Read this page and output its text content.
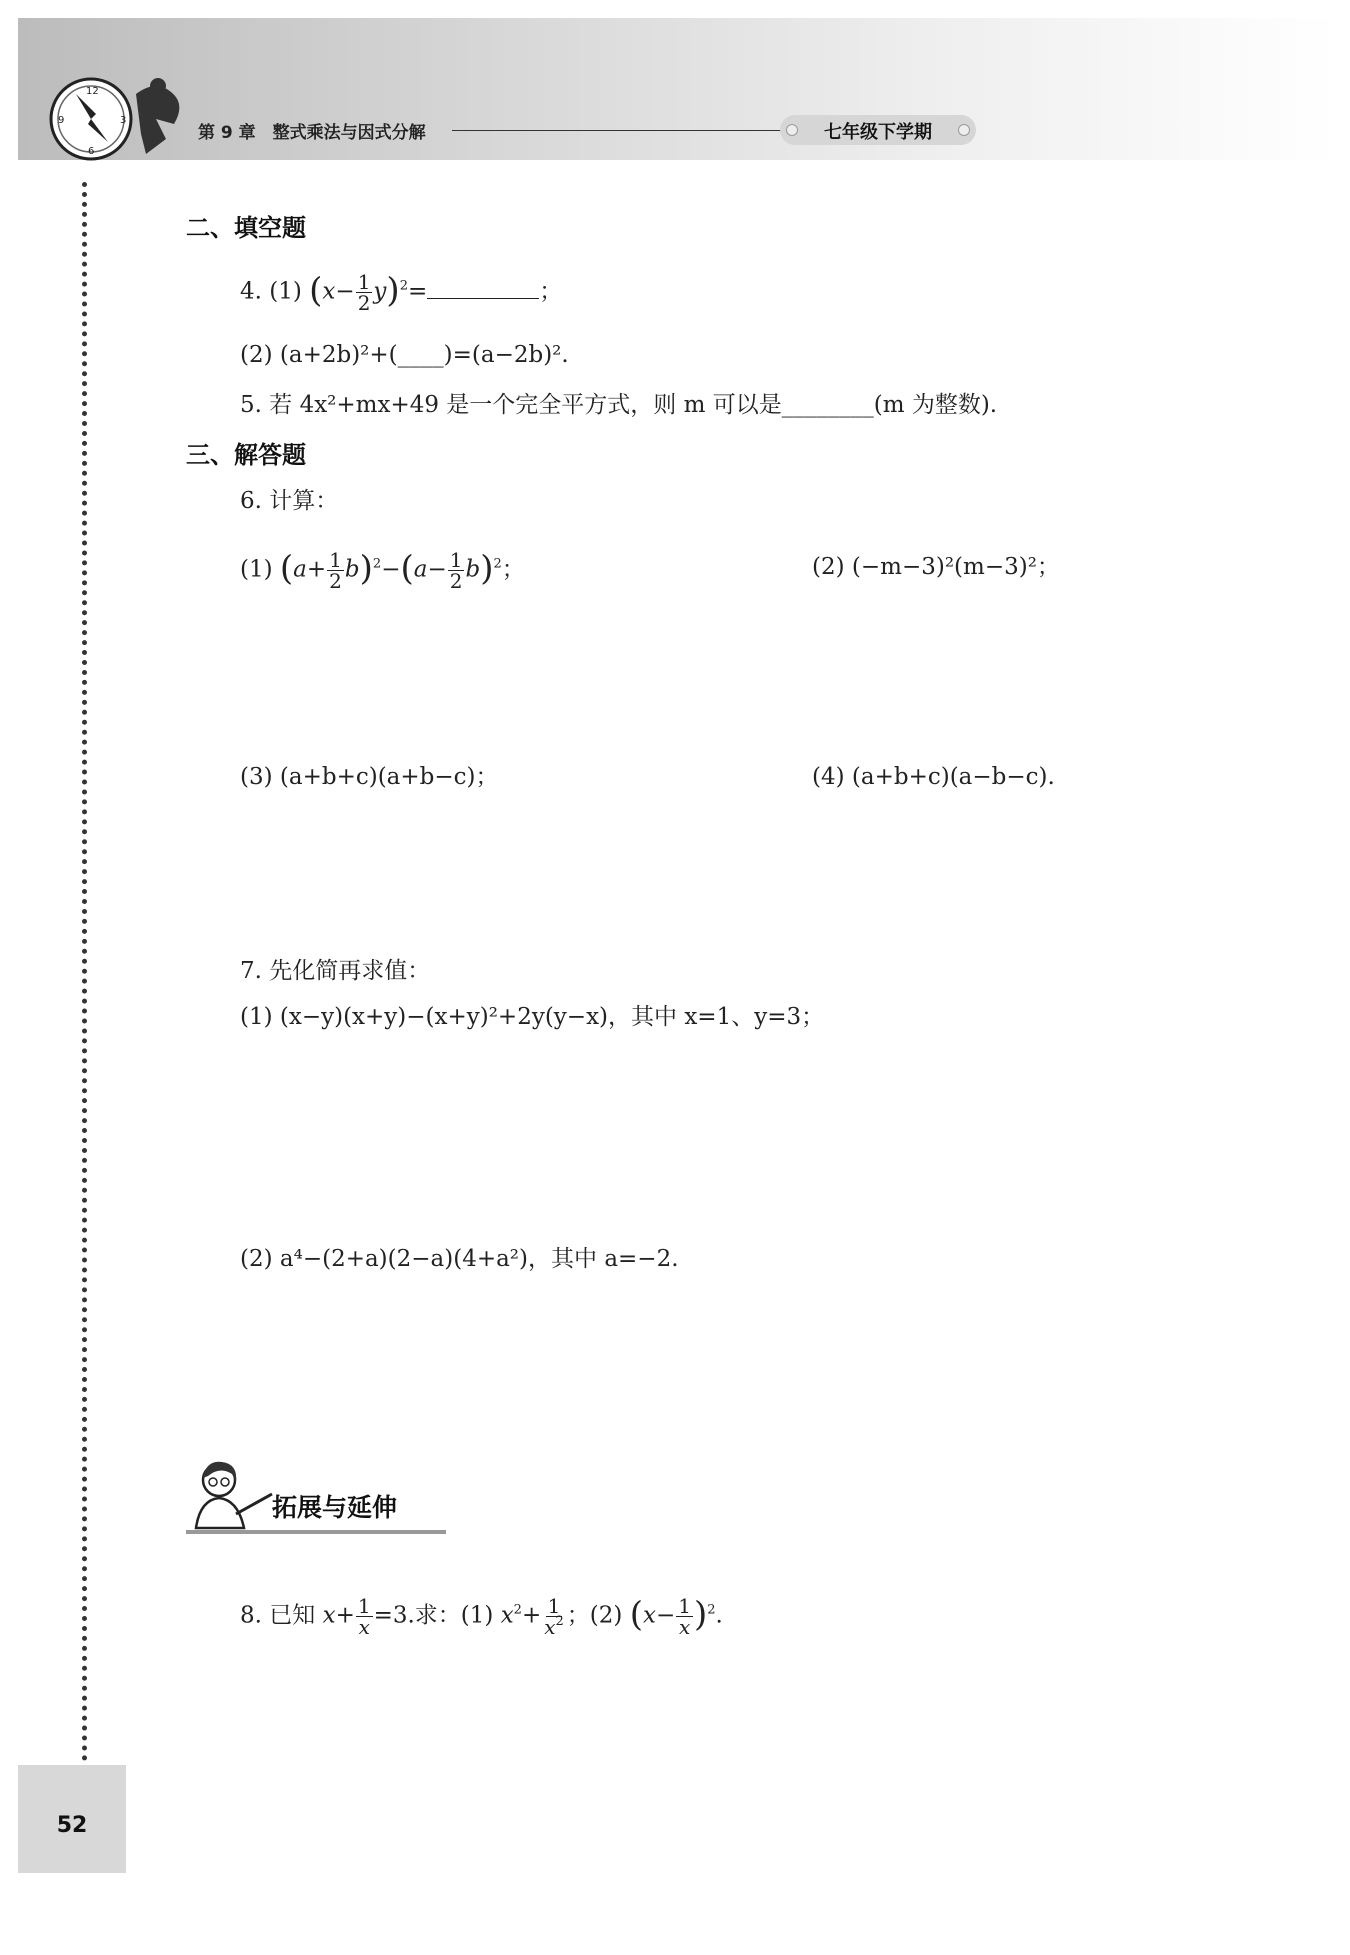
12
3
6
9
第 9 章　整式乘法与因式分解	七年级下学期
52
二、填空题
4. (1) $(x- \frac{1}{2} y)^2=$	；
(2) (a+2b)²+(____)=(a−2b)².
5. 若 4x²+mx+49 是一个完全平方式，则 m 可以是________(m 为整数).
三、解答题
6. 计算：
(1) $(a+ \frac{1}{2} b)^2-(a- \frac{1}{2} b)^2$；	(2) (−m−3)²(m−3)²；
(3) (a+b+c)(a+b−c)；	(4) (a+b+c)(a−b−c).
7. 先化简再求值：
(1) (x−y)(x+y)−(x+y)²+2y(y−x)，其中 x=1、y=3；
(2) a⁴−(2+a)(2−a)(4+a²)，其中 a=−2.
拓展与延伸
8. 已知 $x+ \frac{1}{x} =3$.求：(1) $x^2+ \frac{1}{x^2}$ ；(2) $(x- \frac{1}{x} )^2$.
